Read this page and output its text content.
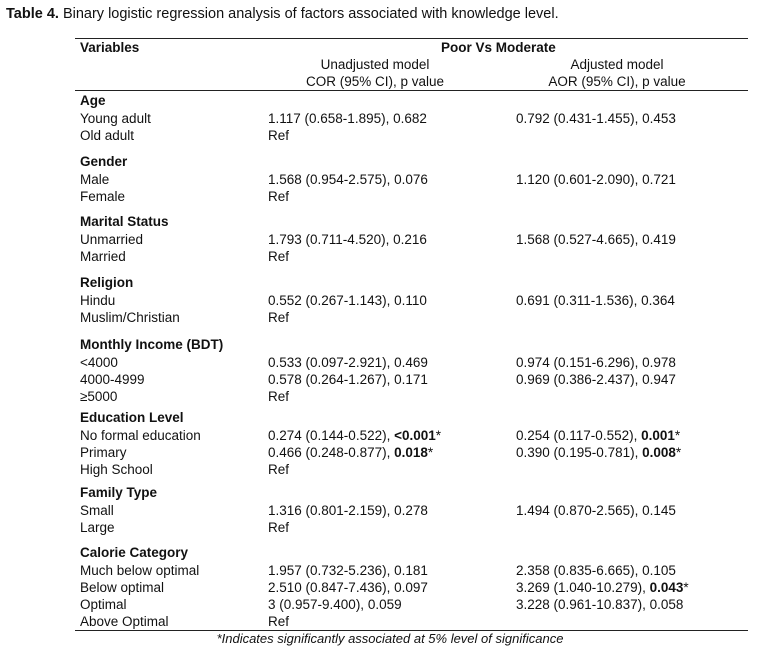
Table 4. Binary logistic regression analysis of factors associated with knowledge level.
Variables	Poor Vs Moderate
Unadjusted model
COR (95% CI), p value
Adjusted model
AOR (95% CI), p value
Age
Young adult	1.117 (0.658-1.895), 0.682	0.792 (0.431-1.455), 0.453
Old adult	Ref
Gender
Male	1.568 (0.954-2.575), 0.076	1.120 (0.601-2.090), 0.721
Female	Ref
Marital Status
Unmarried	1.793 (0.711-4.520), 0.216	1.568 (0.527-4.665), 0.419
Married	Ref
Religion
Hindu	0.552 (0.267-1.143), 0.110	0.691 (0.311-1.536), 0.364
Muslim/Christian	Ref
Monthly Income (BDT)
<4000	0.533 (0.097-2.921), 0.469	0.974 (0.151-6.296), 0.978
4000-4999	0.578 (0.264-1.267), 0.171	0.969 (0.386-2.437), 0.947
≥5000	Ref
Education Level
No formal education	0.274 (0.144-0.522), <0.001*	0.254 (0.117-0.552), 0.001*
Primary	0.466 (0.248-0.877), 0.018*	0.390 (0.195-0.781), 0.008*
High School	Ref
Family Type
Small	1.316 (0.801-2.159), 0.278	1.494 (0.870-2.565), 0.145
Large	Ref
Calorie Category
Much below optimal	1.957 (0.732-5.236), 0.181	2.358 (0.835-6.665), 0.105
Below optimal	2.510 (0.847-7.436), 0.097	3.269 (1.040-10.279), 0.043*
Optimal	3 (0.957-9.400), 0.059	3.228 (0.961-10.837), 0.058
Above Optimal	Ref
*Indicates significantly associated at 5% level of significance
